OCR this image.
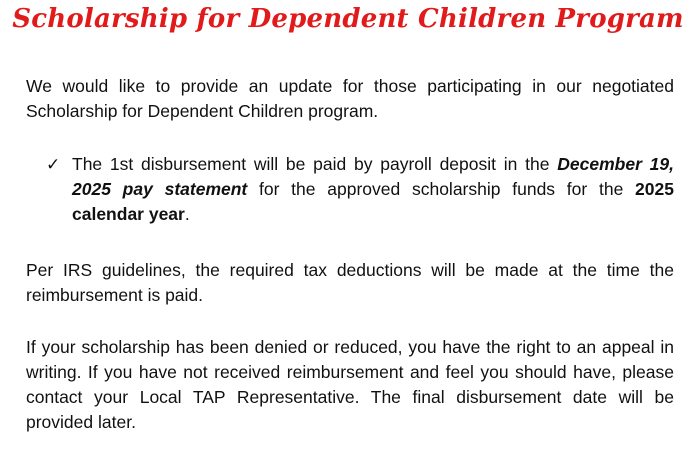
Scholarship for Dependent Children Program
We would like to provide an update for those participating in our negotiated Scholarship for Dependent Children program.
✓ The 1st disbursement will be paid by payroll deposit in the December 19, 2025 pay statement for the approved scholarship funds for the 2025 calendar year.
Per IRS guidelines, the required tax deductions will be made at the time the reimbursement is paid.
If your scholarship has been denied or reduced, you have the right to an appeal in writing. If you have not received reimbursement and feel you should have, please contact your Local TAP Representative. The final disbursement date will be provided later.
